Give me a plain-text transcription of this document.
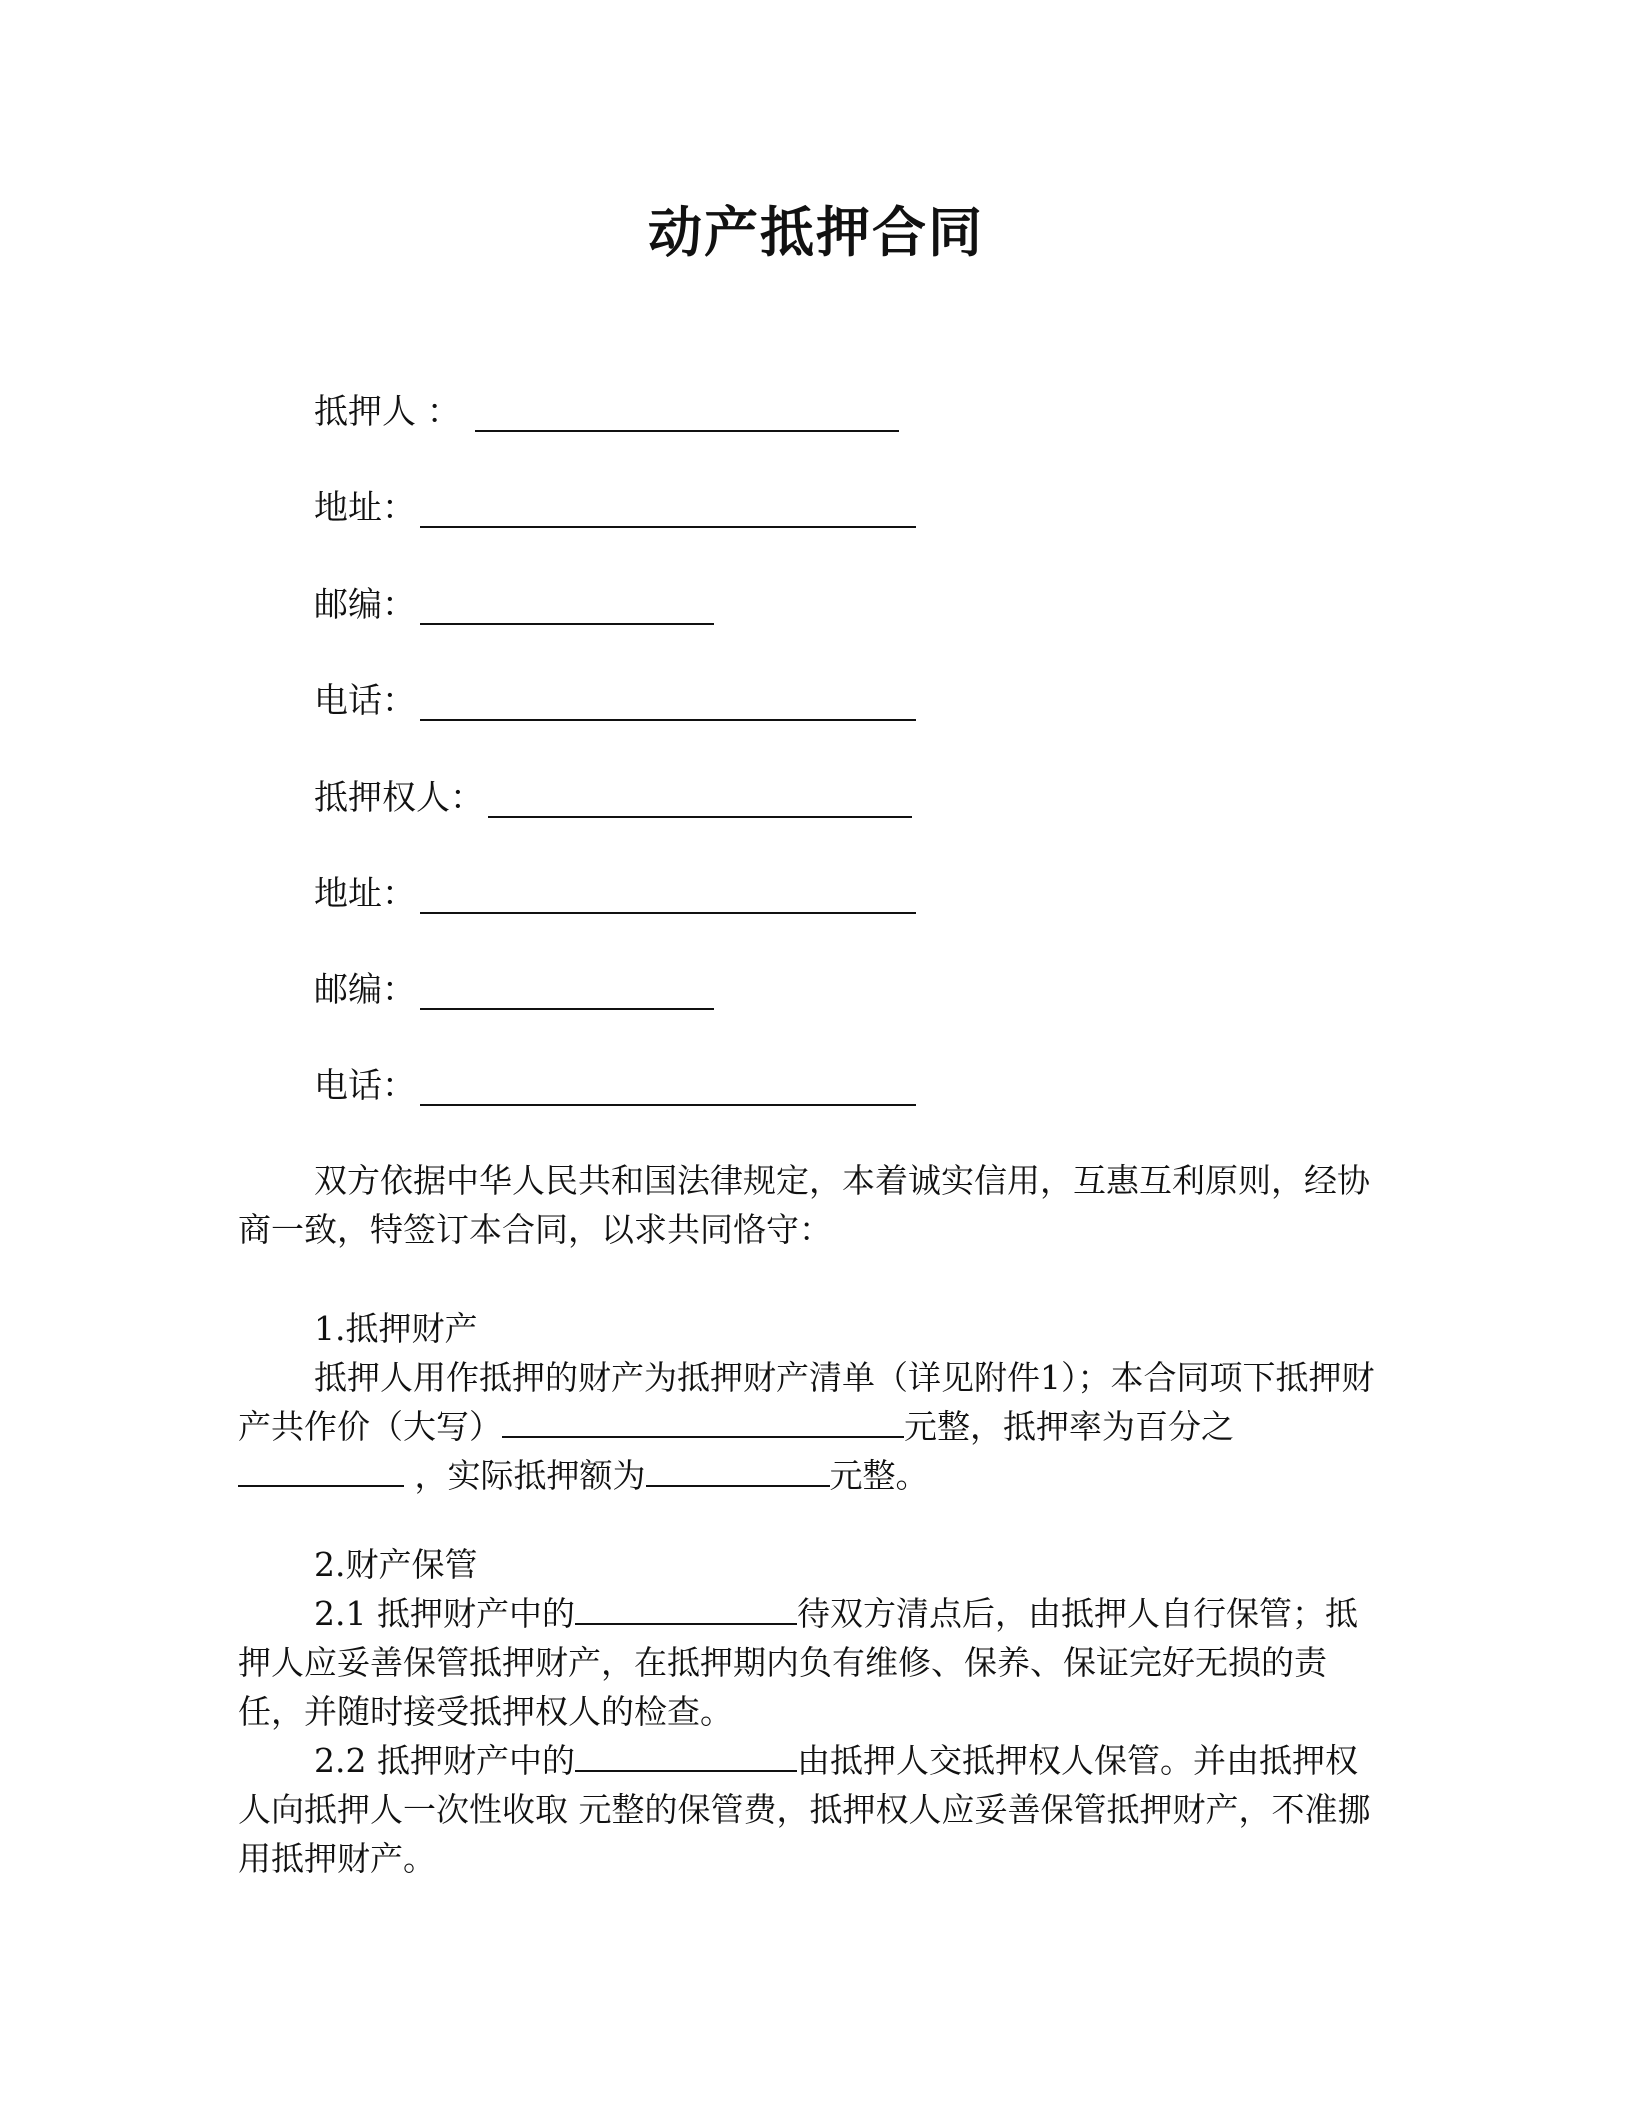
动产抵押合同
抵押人 ：
地址：
邮编：
电话：
抵押权人：
地址：
邮编：
电话：

双方依据中华人民共和国法律规定，本着诚实信用，互惠互利原则，经协商一致，特签订本合同，以求共同恪守：

1.抵押财产

抵押人用作抵押的财产为抵押财产清单（详见附件1）；本合同项下抵押财产共作价（大写）	元整，抵押率为百分之 ，实际抵押额为	元整。

2.财产保管

2.1 抵押财产中的	待双方清点后，由抵押人自行保管；抵押人应妥善保管抵押财产，在抵押期内负有维修、保养、保证完好无损的责任，并随时接受抵押权人的检查。

2.2 抵押财产中的	由抵押人交抵押权人保管。并由抵押权人向抵押人一次性收取 元整的保管费，抵押权人应妥善保管抵押财产，不准挪用抵押财产。
